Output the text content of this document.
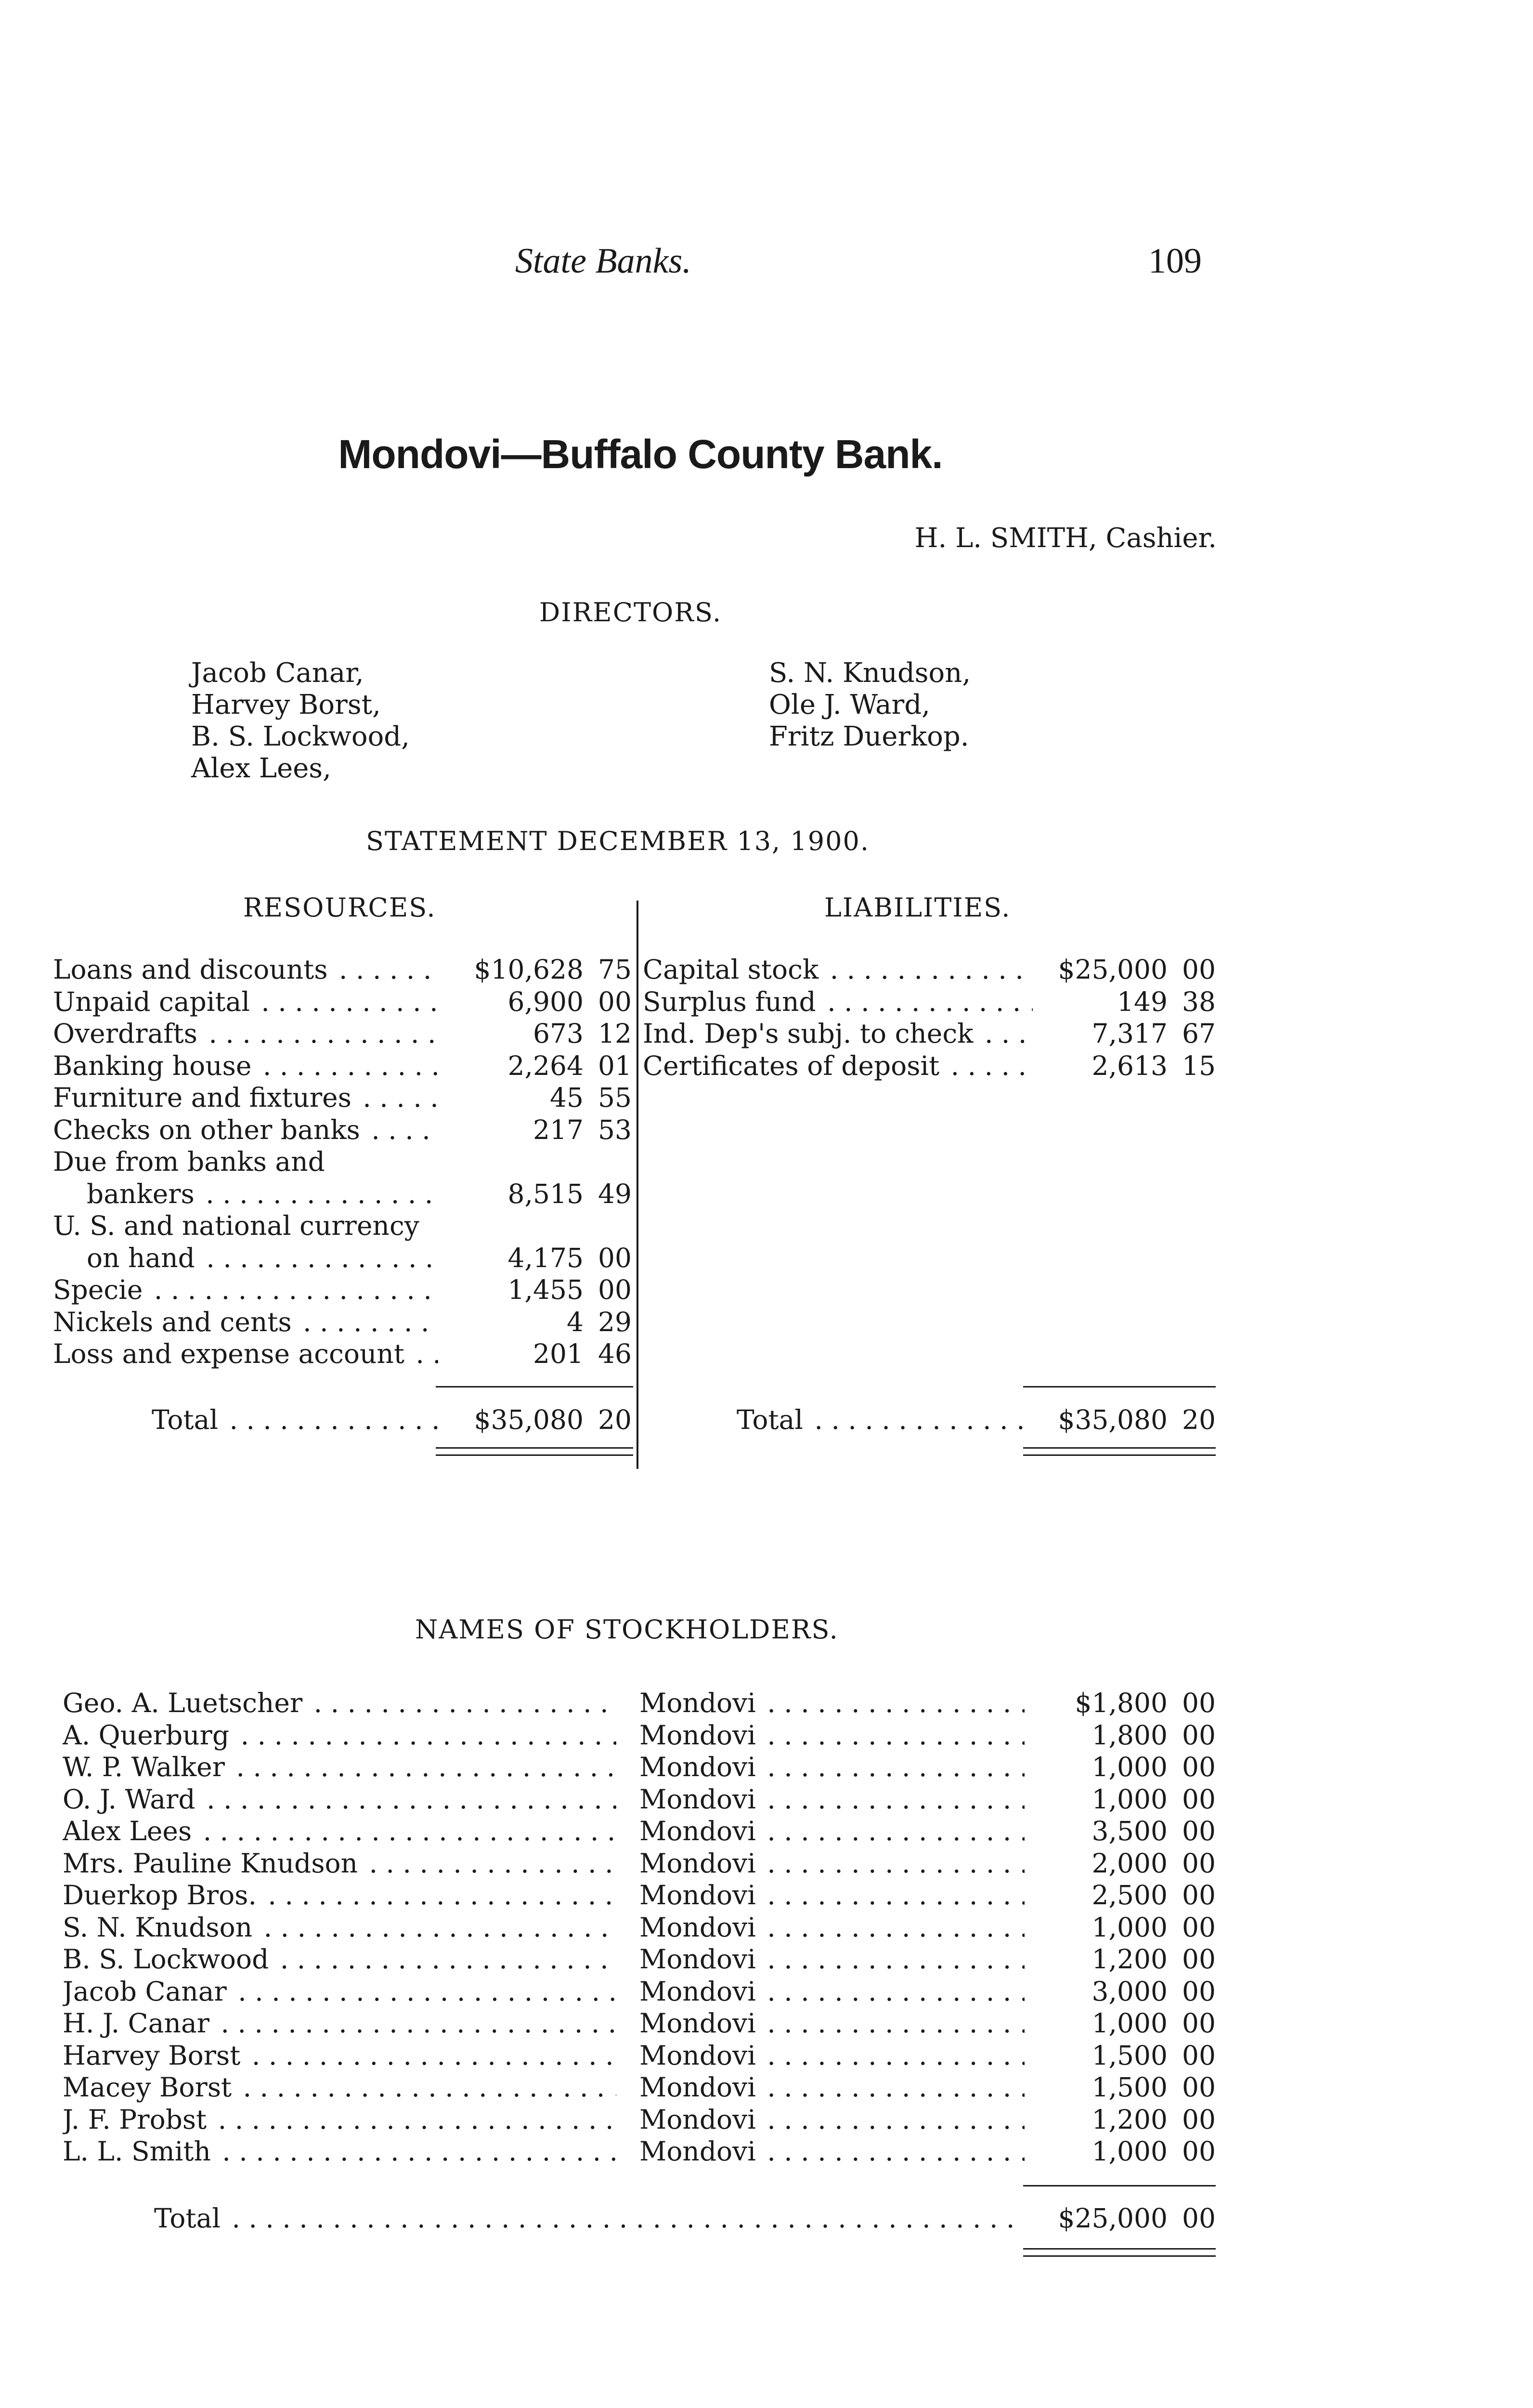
State Banks.	109
Mondovi—Buffalo County Bank.
H. L. SMITH, Cashier.
DIRECTORS.
Jacob Canar,
Harvey Borst,
B. S. Lockwood,
Alex Lees,
S. N. Knudson,
Ole J. Ward,
Fritz Duerkop.
STATEMENT DECEMBER 13, 1900.
RESOURCES.	LIABILITIES.
Loans and discounts . . .	$10,628 75
Unpaid capital . . .	6,900 00
Overdrafts . . .	673 12
Banking house . . .	2,264 01
Furniture and fixtures . . .	45 55
Checks on other banks . . .	217 53
Due from banks and
bankers . . .	8,515 49
U. S. and national currency
on hand . . .	4,175 00
Specie . . .	1,455 00
Nickels and cents . . .	4 29
Loss and expense account . . .	201 46
Total . . .	$35,080 20
Capital stock . . .	$25,000 00
Surplus fund . . .	149 38
Ind. Dep's subj. to check . . .	7,317 67
Certificates of deposit . . .	2,613 15
Total . . .	$35,080 20
NAMES OF STOCKHOLDERS.
Geo. A. Luetscher . . .	Mondovi . . .	$1,800 00
A. Querburg . . .	Mondovi . . .	1,800 00
W. P. Walker . . .	Mondovi . . .	1,000 00
O. J. Ward . . .	Mondovi . . .	1,000 00
Alex Lees . . .	Mondovi . . .	3,500 00
Mrs. Pauline Knudson . . .	Mondovi . . .	2,000 00
Duerkop Bros. . . .	Mondovi . . .	2,500 00
S. N. Knudson . . .	Mondovi . . .	1,000 00
B. S. Lockwood . . .	Mondovi . . .	1,200 00
Jacob Canar . . .	Mondovi . . .	3,000 00
H. J. Canar . . .	Mondovi . . .	1,000 00
Harvey Borst . . .	Mondovi . . .	1,500 00
Macey Borst . . .	Mondovi . . .	1,500 00
J. F. Probst . . .	Mondovi . . .	1,200 00
L. L. Smith . . .	Mondovi . . .	1,000 00
Total . . .	$25,000 00
